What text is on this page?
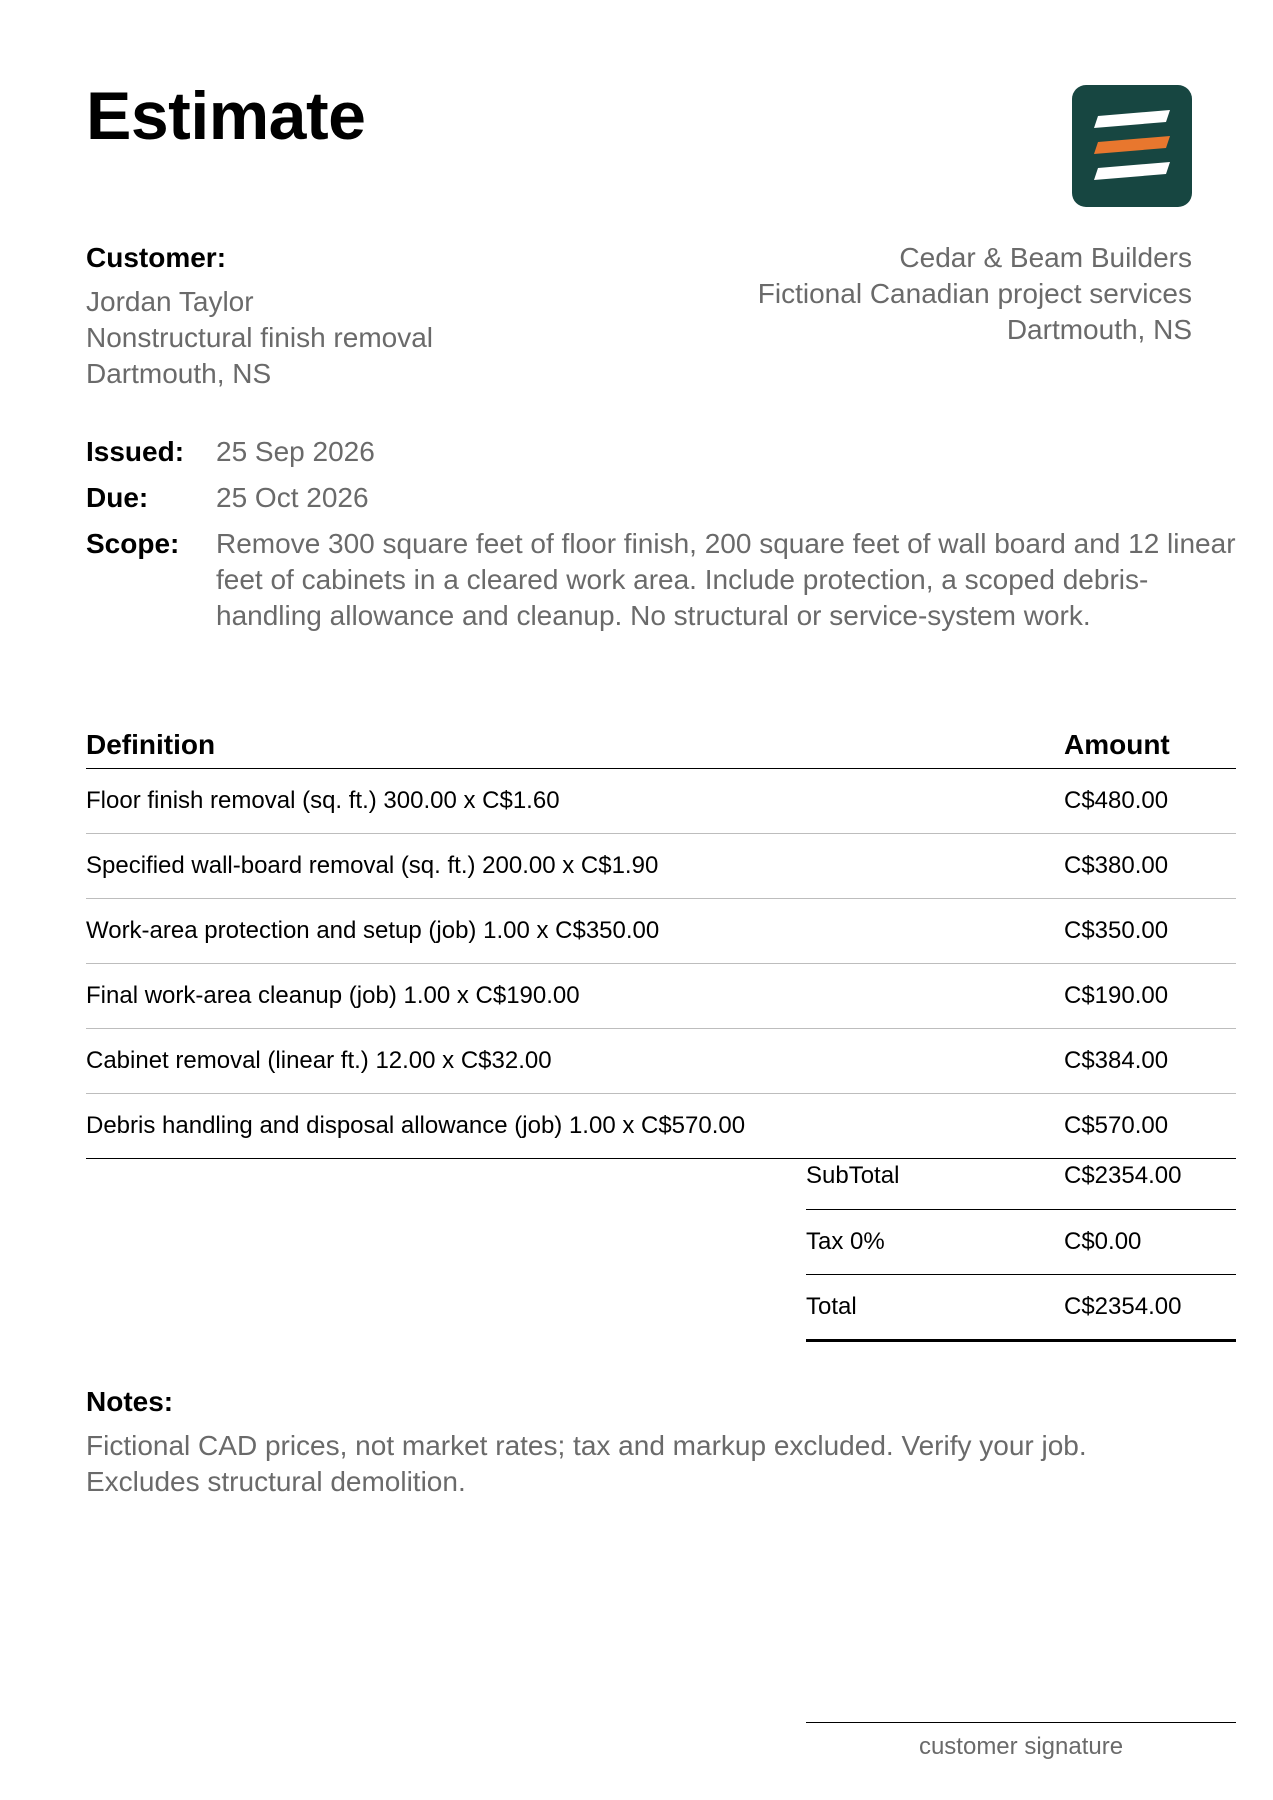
Estimate
Customer:
Jordan Taylor
Nonstructural finish removal
Dartmouth, NS
Cedar & Beam Builders
Fictional Canadian project services
Dartmouth, NS
Issued:	25 Sep 2026
Due:	25 Oct 2026
Scope:	Remove 300 square feet of floor finish, 200 square feet of wall board and 12 linear feet of cabinets in a cleared work area. Include protection, a scoped debris-handling allowance and cleanup. No structural or service-system work.
Definition	Amount
Floor finish removal (sq. ft.) 300.00 x C$1.60	C$480.00
Specified wall-board removal (sq. ft.) 200.00 x C$1.90	C$380.00
Work-area protection and setup (job) 1.00 x C$350.00	C$350.00
Final work-area cleanup (job) 1.00 x C$190.00	C$190.00
Cabinet removal (linear ft.) 12.00 x C$32.00	C$384.00
Debris handling and disposal allowance (job) 1.00 x C$570.00	C$570.00
SubTotal	C$2354.00
Tax 0%	C$0.00
Total	C$2354.00
Notes:
Fictional CAD prices, not market rates; tax and markup excluded. Verify your job.
Excludes structural demolition.
customer signature
